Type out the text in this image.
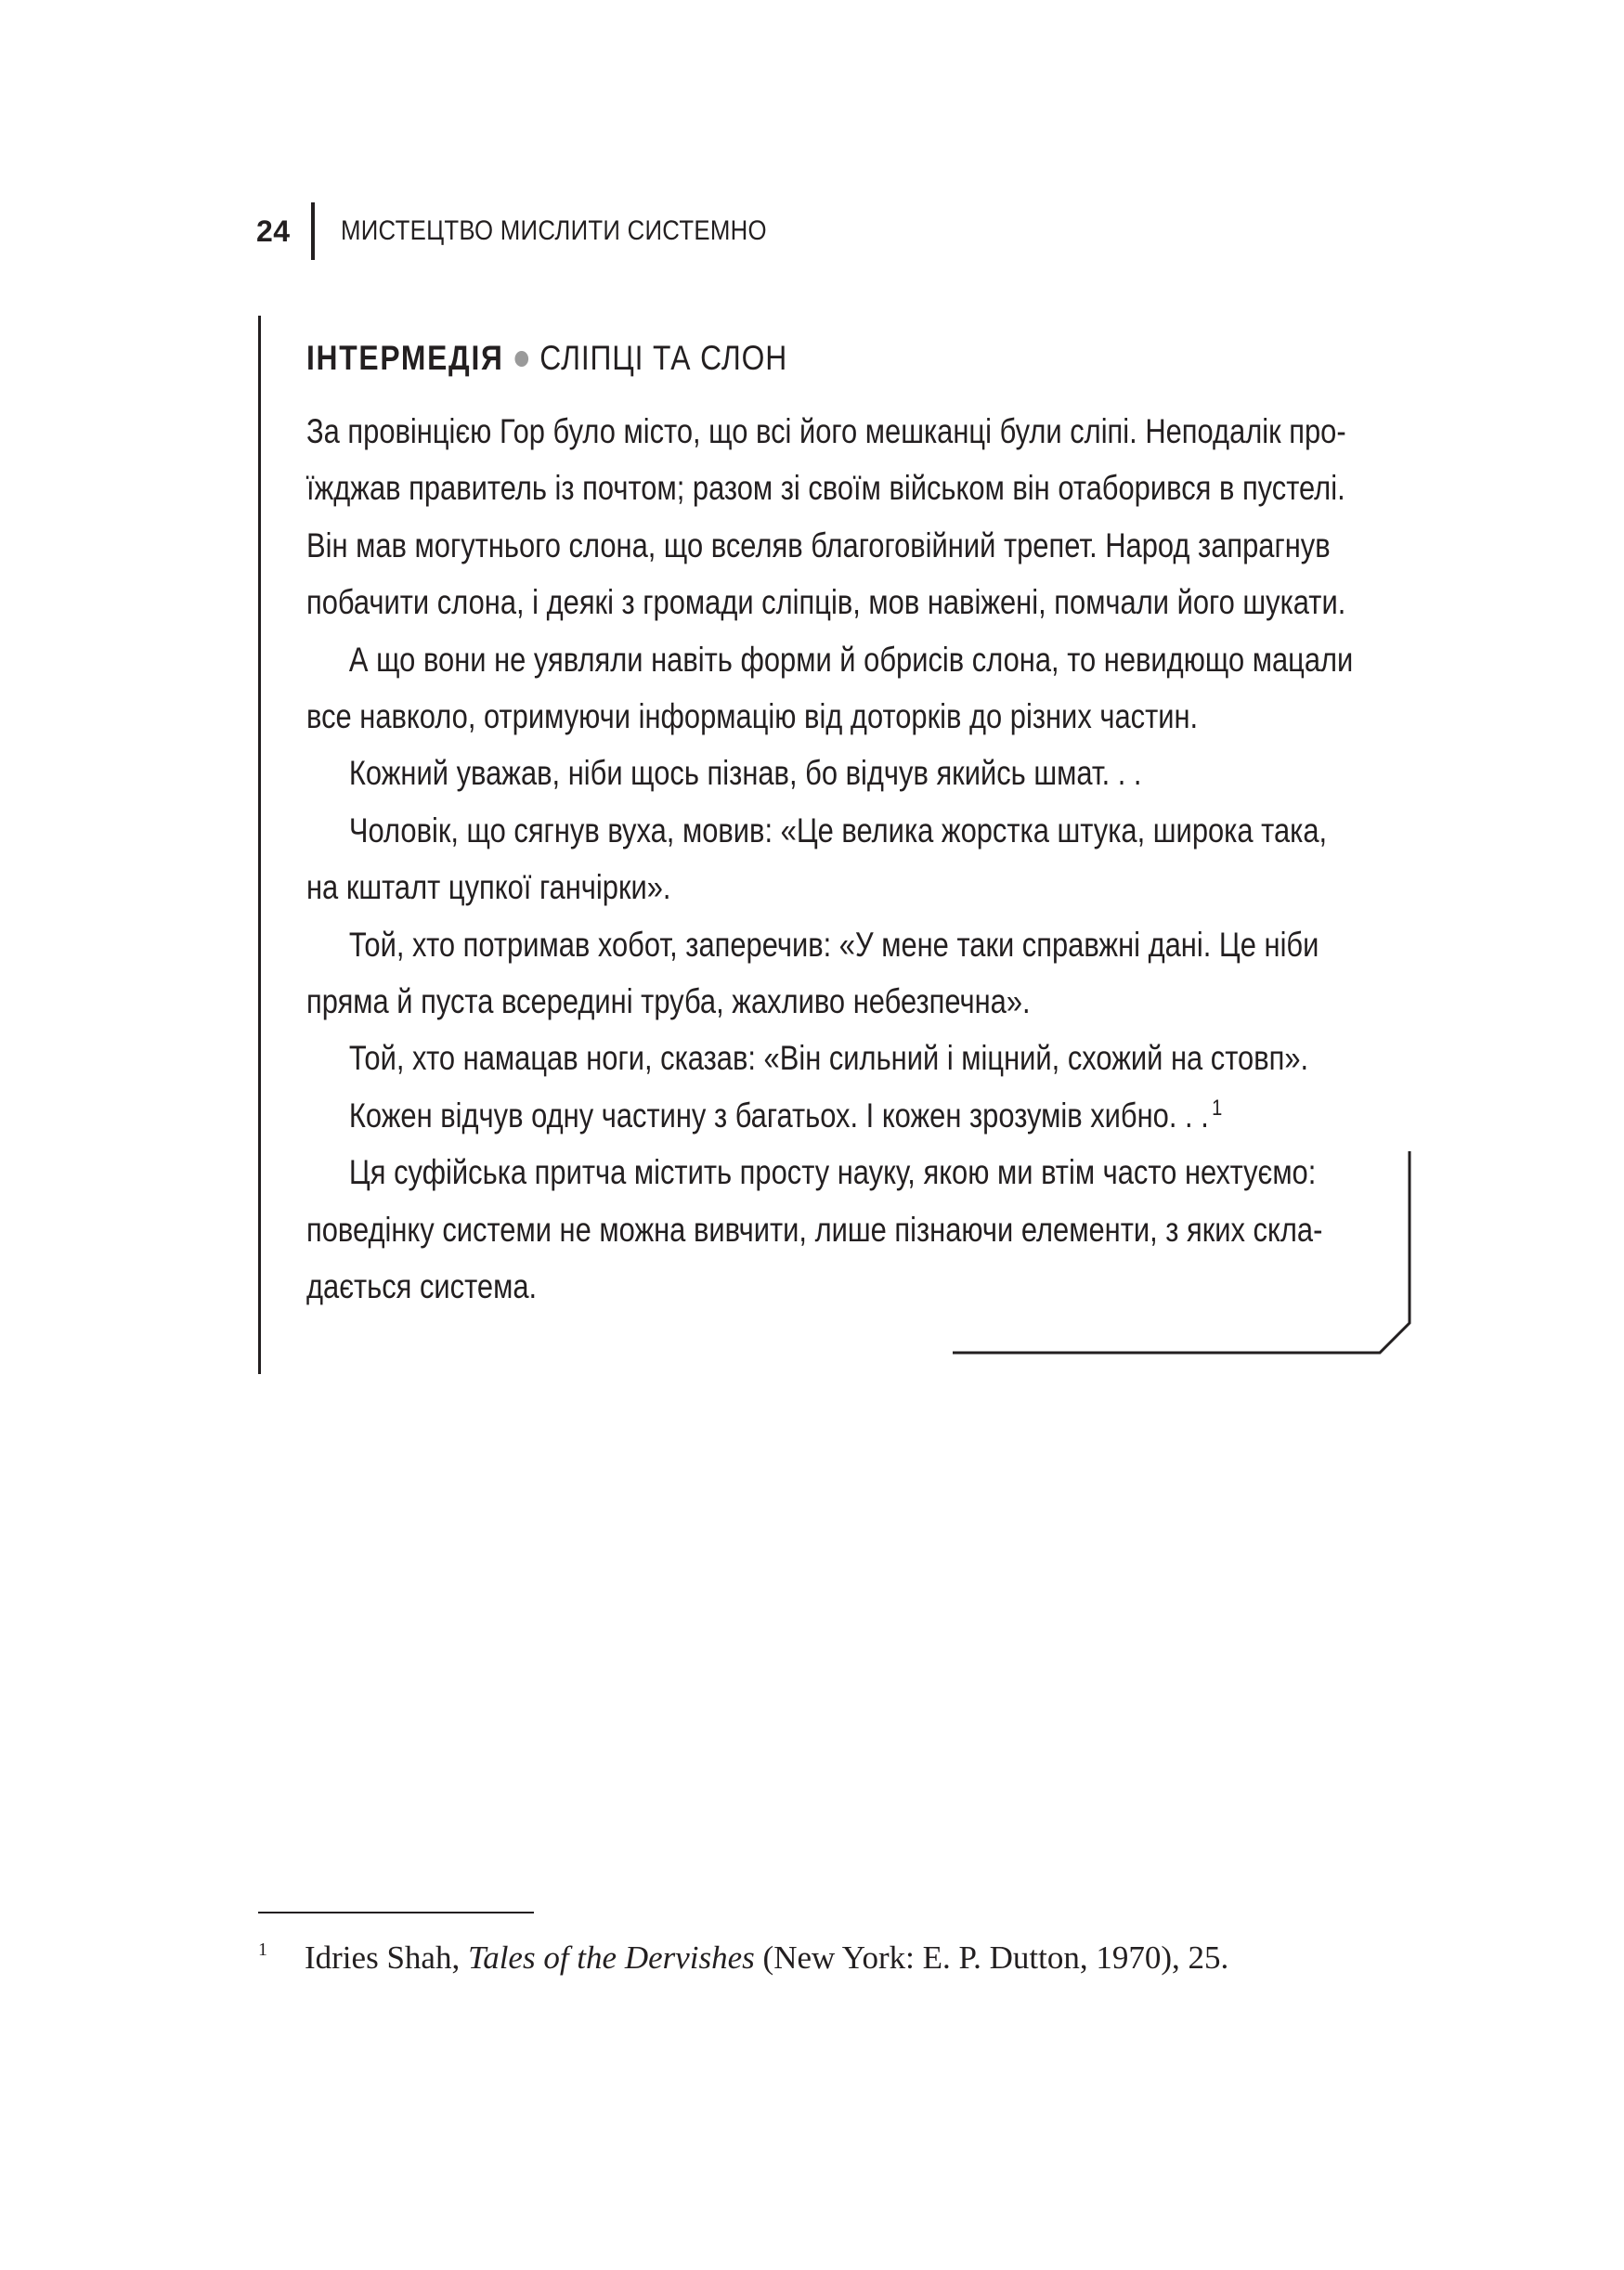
24 МИСТЕЦТВО МИСЛИТИ СИСТЕМНО
ІНТЕРМЕДІЯ СЛІПЦІ ТА СЛОН
За провінцією Гор було місто, що всі його мешканці були сліпі. Неподалік про-
їжджав правитель із почтом; разом зі своїм військом він отаборився в пустелі.
Він мав могутнього слона, що вселяв благоговійний трепет. Народ запрагнув
побачити слона, і деякі з громади сліпців, мов навіжені, помчали його шукати.
А що вони не уявляли навіть форми й обрисів слона, то невидющо мацали
все навколо, отримуючи інформацію від доторків до різних частин.
Кожний уважав, ніби щось пізнав, бо відчув якийсь шмат. . .
Чоловік, що сягнув вуха, мовив: «Це велика жорстка штука, широка така,
на кшталт цупкої ганчірки».
Той, хто потримав хобот, заперечив: «У мене таки справжні дані. Це ніби
пряма й пуста всередині труба, жахливо небезпечна».
Той, хто намацав ноги, сказав: «Він сильний і міцний, схожий на стовп».
Кожен відчув одну частину з багатьох. І кожен зрозумів хибно. . . $^1$
Ця суфійська притча містить просту науку, якою ми втім часто нехтуємо:
поведінку системи не можна вивчити, лише пізнаючи елементи, з яких скла-
дається система.
1 Idries Shah, Tales of the Dervishes (New York: E. P. Dutton, 1970), 25.
